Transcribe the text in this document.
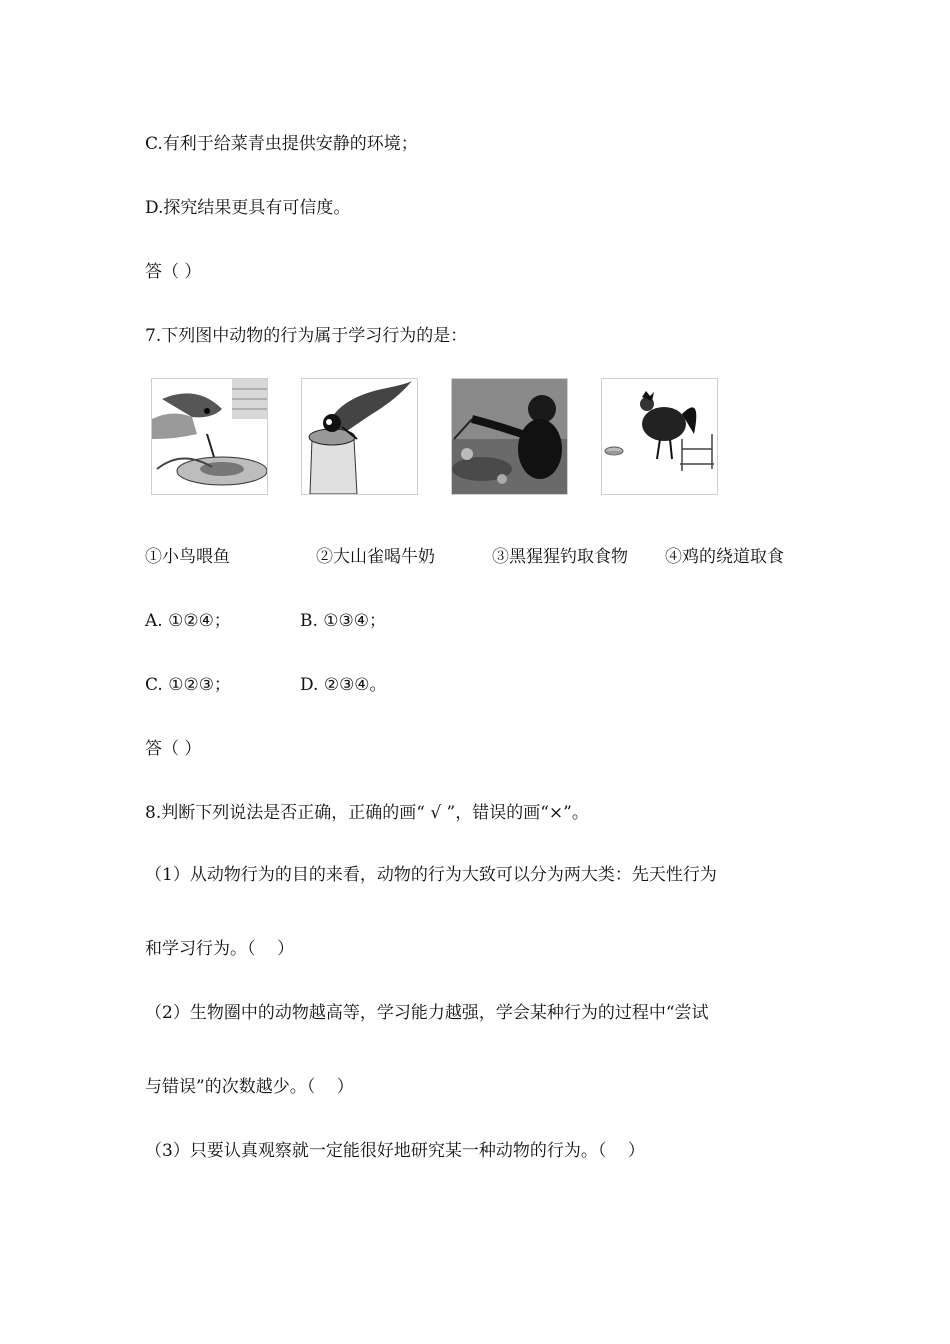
C.有利于给菜青虫提供安静的环境；
D.探究结果更具有可信度。
答（ ）
7.下列图中动物的行为属于学习行为的是：
①小鸟喂鱼	②大山雀喝牛奶	③黑猩猩钓取食物 ④鸡的绕道取食
A. ①②④；	B. ①③④；
C. ①②③；	D. ②③④。
答（ ）
8.判断下列说法是否正确，正确的画“ √ ”，错误的画“×”。
（1）从动物行为的目的来看，动物的行为大致可以分为两大类：先天性行为
和学习行为。（    ）
（2）生物圈中的动物越高等，学习能力越强，学会某种行为的过程中“尝试
与错误”的次数越少。（    ）
（3）只要认真观察就一定能很好地研究某一种动物的行为。（    ）
